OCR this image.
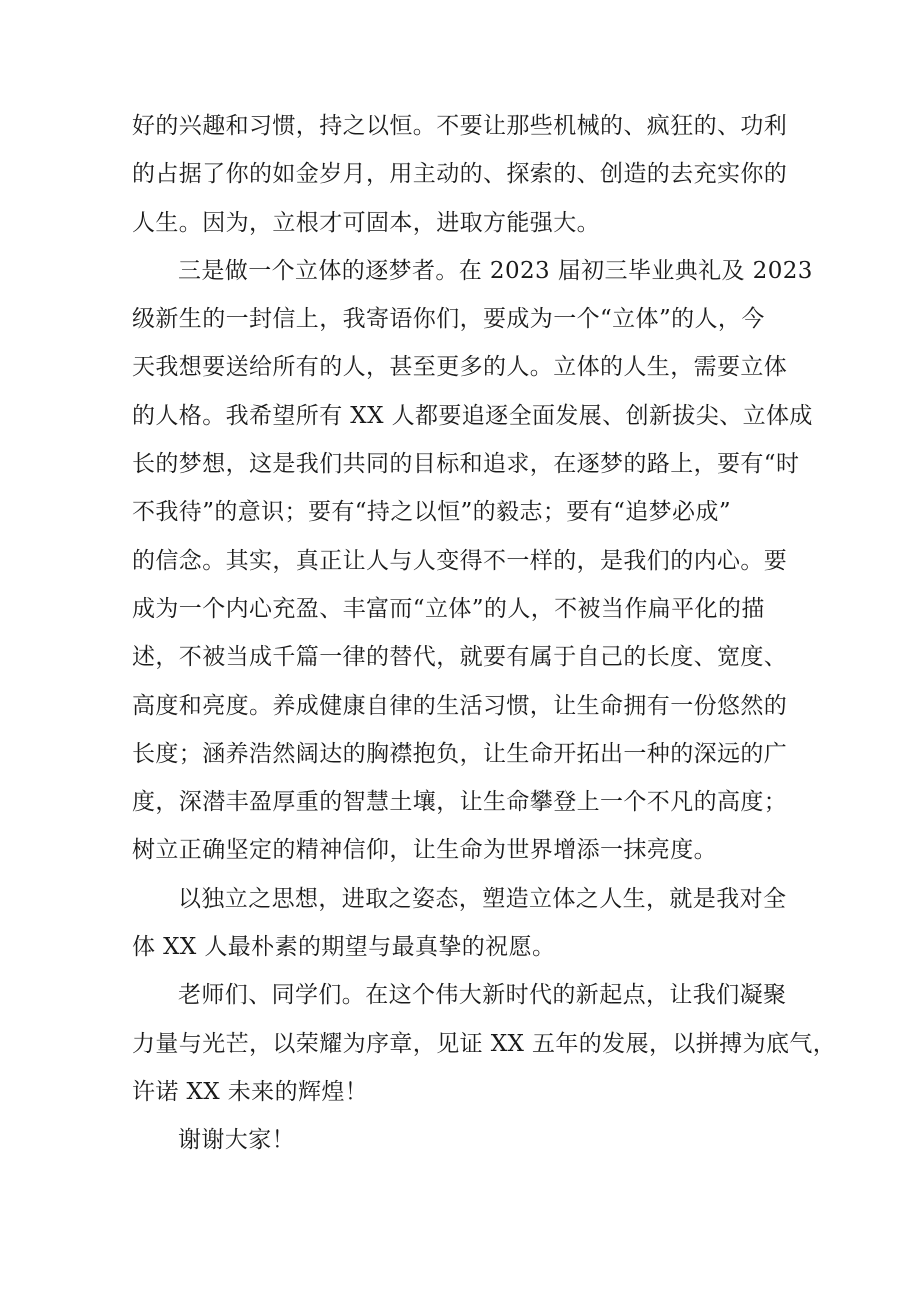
好的兴趣和习惯，持之以恒。不要让那些机械的、疯狂的、功利
的占据了你的如金岁月，用主动的、探索的、创造的去充实你的
人生。因为，立根才可固本，进取方能强大。
三是做一个立体的逐梦者。在 2023 届初三毕业典礼及 2023
级新生的一封信上，我寄语你们，要成为一个“立体”的人，今
天我想要送给所有的人，甚至更多的人。立体的人生，需要立体
的人格。我希望所有 XX 人都要追逐全面发展、创新拔尖、立体成
长的梦想，这是我们共同的目标和追求，在逐梦的路上，要有“时
不我待”的意识；要有“持之以恒”的毅志；要有“追梦必成”
的信念。其实，真正让人与人变得不一样的，是我们的内心。要
成为一个内心充盈、丰富而“立体”的人，不被当作扁平化的描
述，不被当成千篇一律的替代，就要有属于自己的长度、宽度、
高度和亮度。养成健康自律的生活习惯，让生命拥有一份悠然的
长度；涵养浩然阔达的胸襟抱负，让生命开拓出一种的深远的广
度，深潜丰盈厚重的智慧土壤，让生命攀登上一个不凡的高度；
树立正确坚定的精神信仰，让生命为世界增添一抹亮度。
以独立之思想，进取之姿态，塑造立体之人生，就是我对全
体 XX 人最朴素的期望与最真挚的祝愿。
老师们、同学们。在这个伟大新时代的新起点，让我们凝聚
力量与光芒，以荣耀为序章，见证 XX 五年的发展，以拼搏为底气，
许诺 XX 未来的辉煌！
谢谢大家！
